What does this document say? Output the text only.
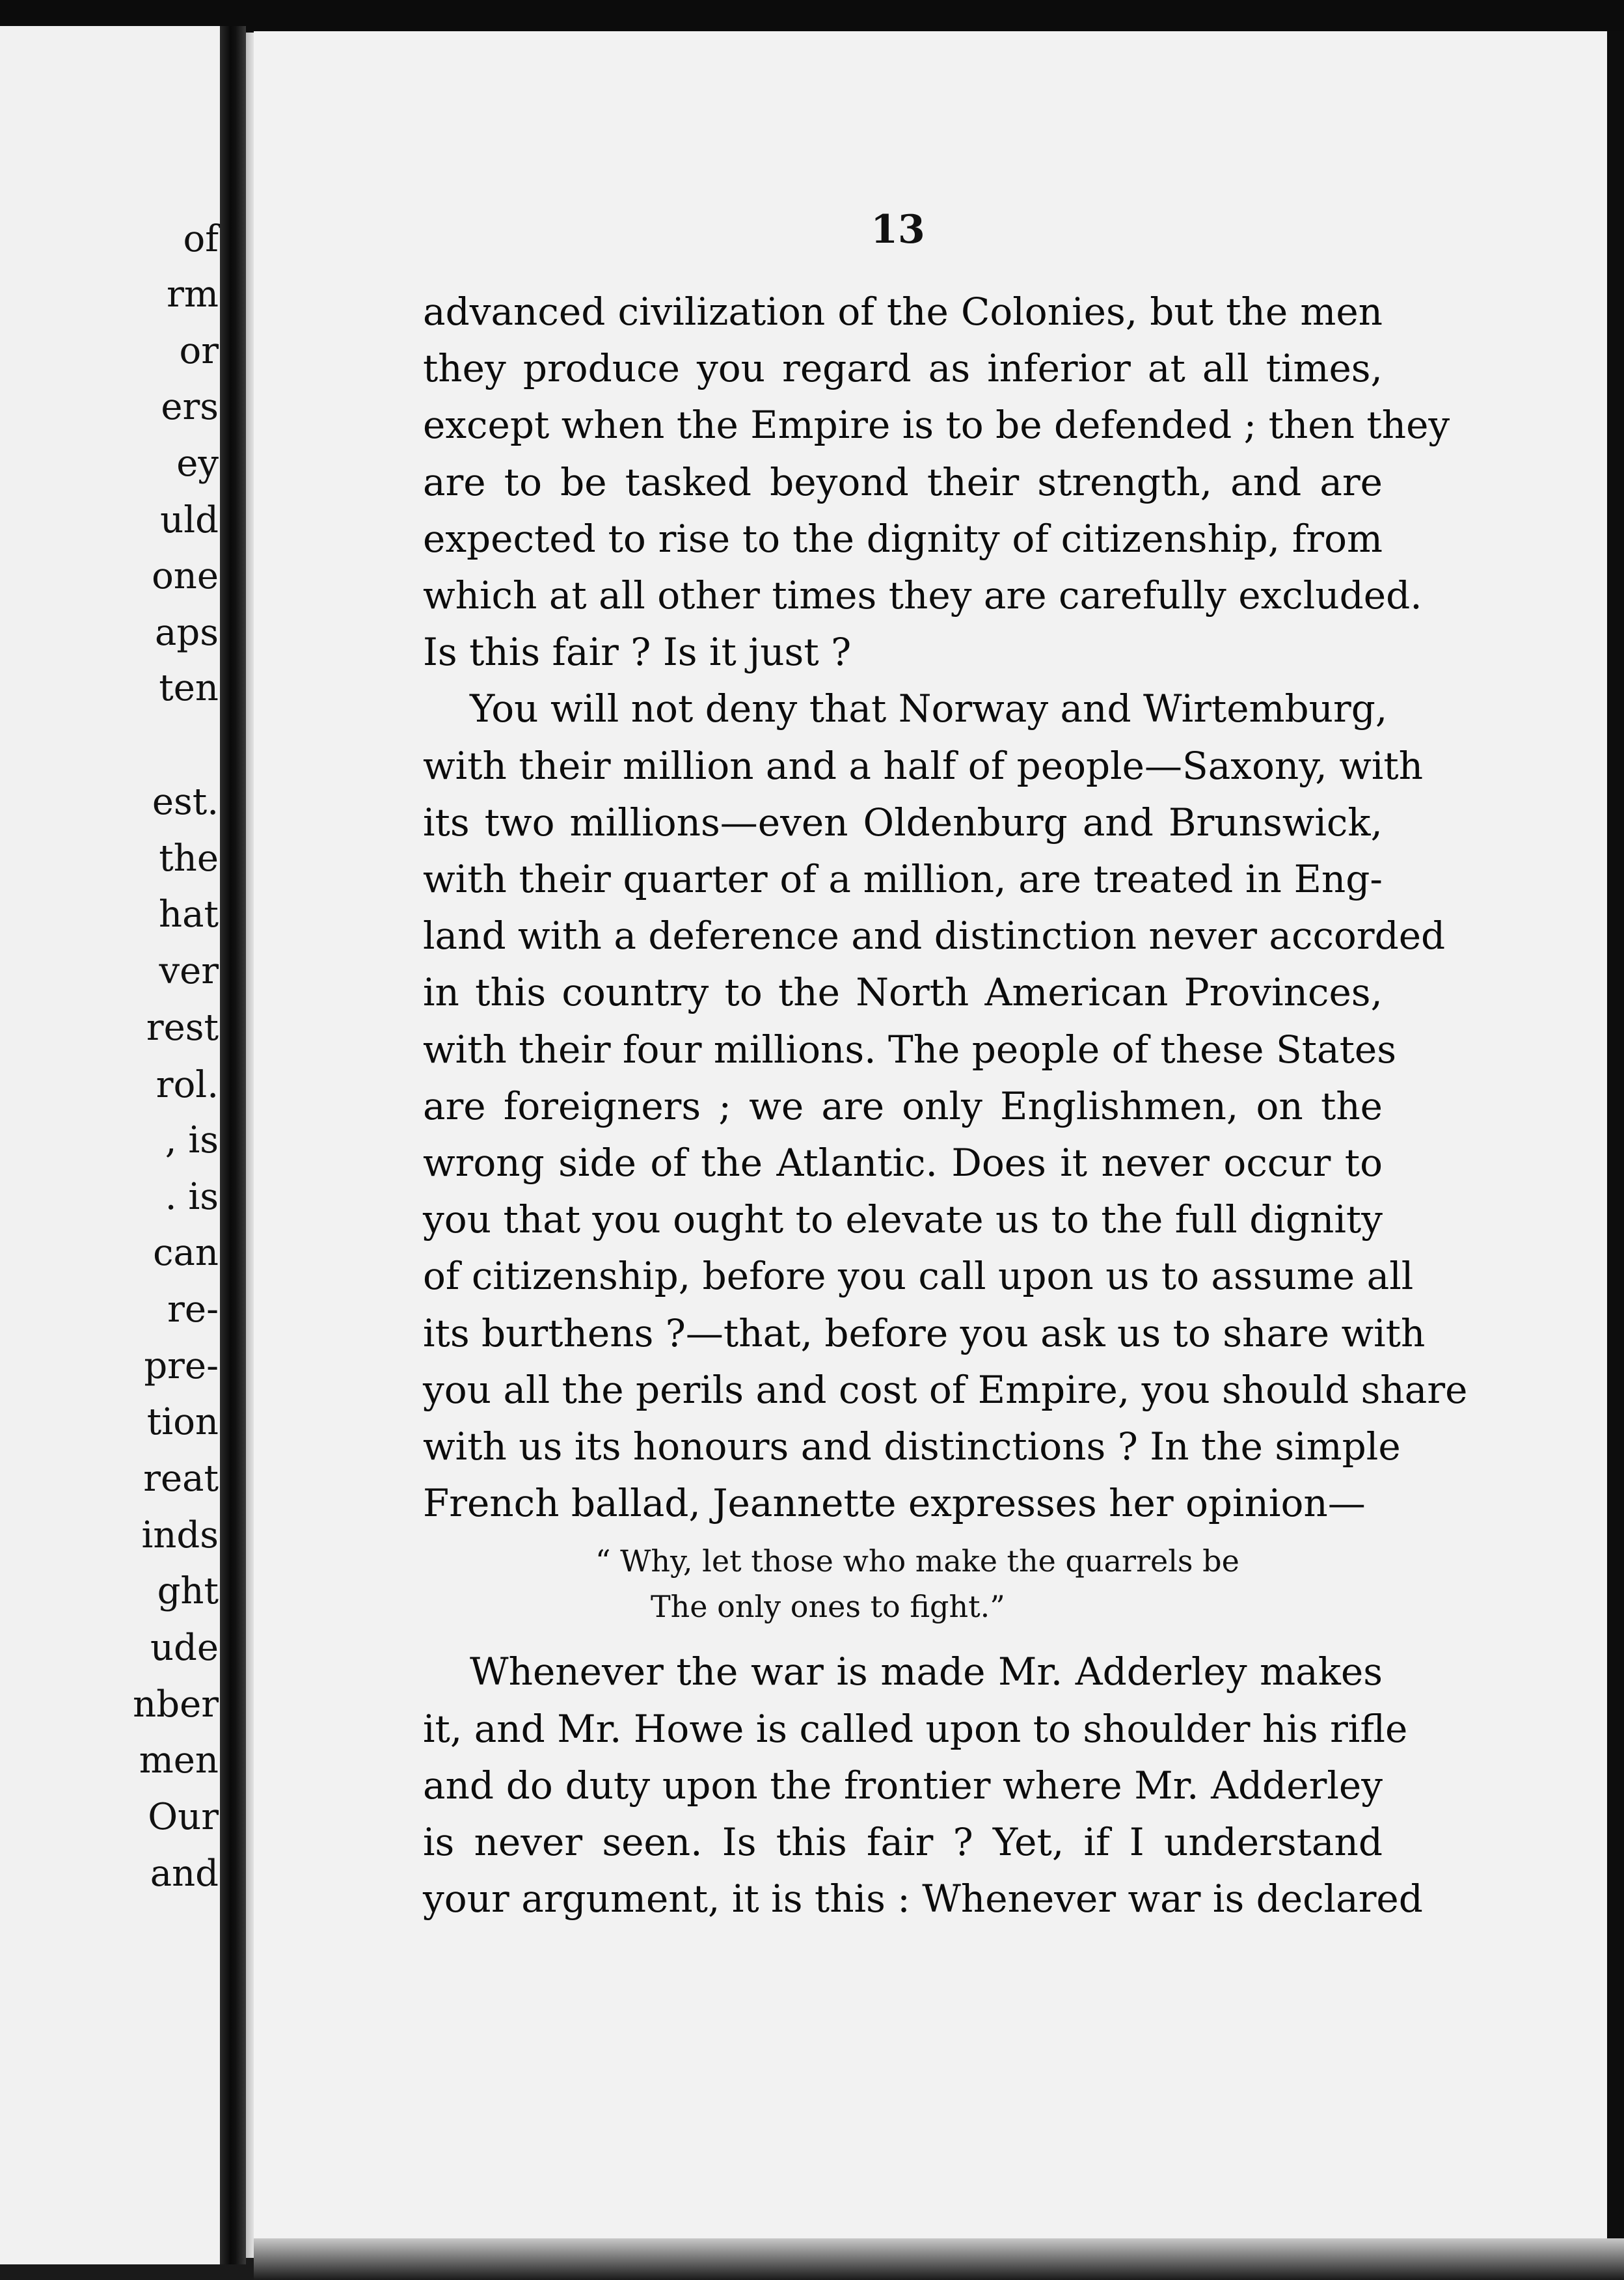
of
rm
or
ers
ey
uld
one
aps
ten
est.
the
hat
ver
rest
rol.
, is
. is
can
re-
pre-
tion
reat
inds
ght
ude
nber
men
Our
and
13
advanced civilization of the Colonies, but the men
they produce you regard as inferior at all times,
except when the Empire is to be defended ; then they
are to be tasked beyond their strength, and are
expected to rise to the dignity of citizenship, from
which at all other times they are carefully excluded.
Is this fair ? Is it just ?
You will not deny that Norway and Wirtemburg,
with their million and a half of people—Saxony, with
its two millions—even Oldenburg and Brunswick,
with their quarter of a million, are treated in Eng-
land with a deference and distinction never accorded
in this country to the North American Provinces,
with their four millions. The people of these States
are foreigners ; we are only Englishmen, on the
wrong side of the Atlantic. Does it never occur to
you that you ought to elevate us to the full dignity
of citizenship, before you call upon us to assume all
its burthens ?—that, before you ask us to share with
you all the perils and cost of Empire, you should share
with us its honours and distinctions ? In the simple
French ballad, Jeannette expresses her opinion—
“ Why, let those who make the quarrels be
The only ones to fight.”
Whenever the war is made Mr. Adderley makes
it, and Mr. Howe is called upon to shoulder his rifle
and do duty upon the frontier where Mr. Adderley
is never seen. Is this fair ? Yet, if I understand
your argument, it is this : Whenever war is declared
